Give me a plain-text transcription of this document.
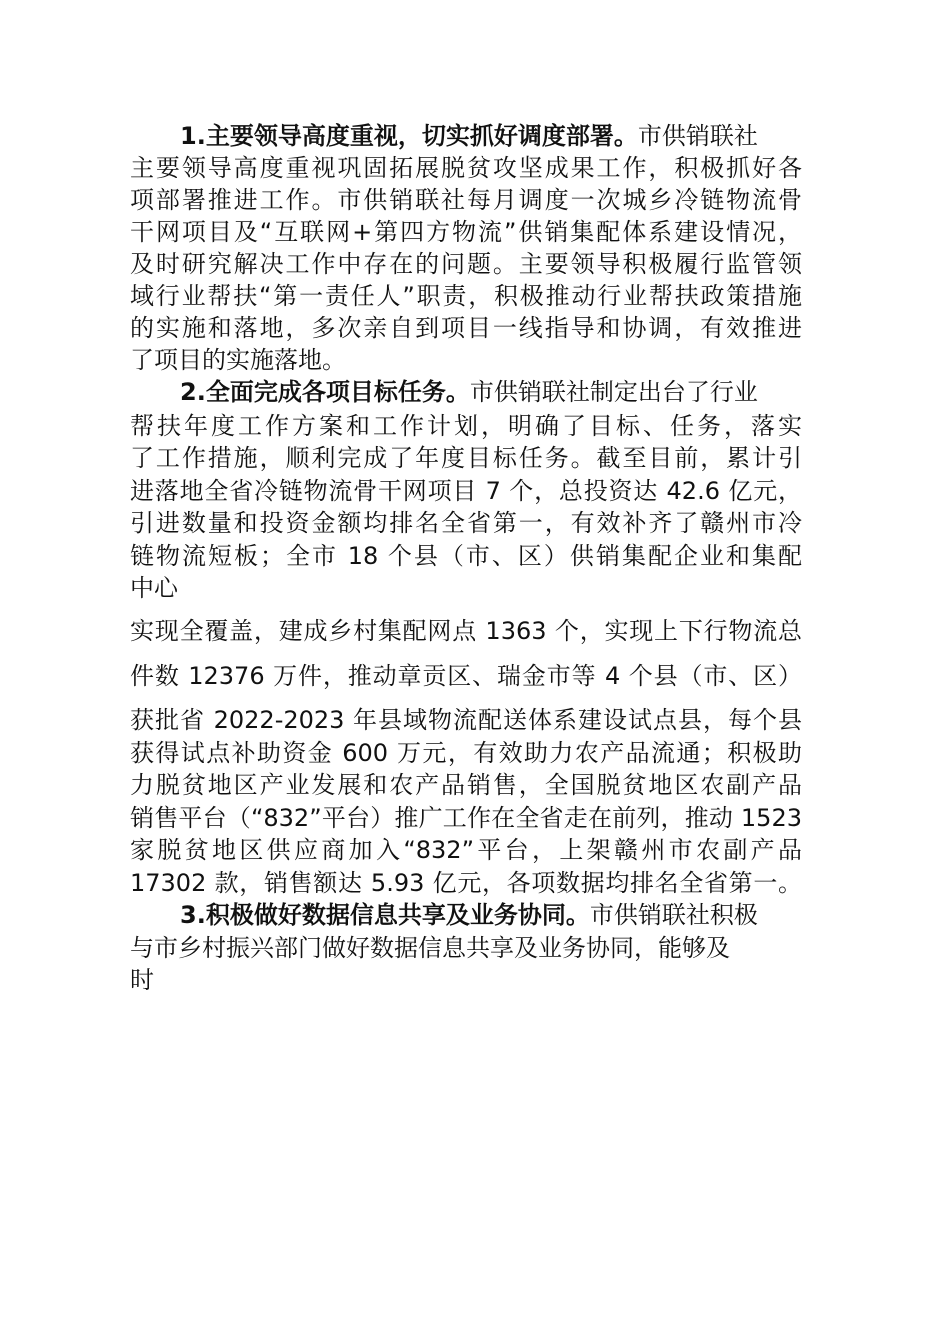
1.主要领导高度重视，切实抓好调度部署。市供销联社
主要领导高度重视巩固拓展脱贫攻坚成果工作，积极抓好各
项部署推进工作。市供销联社每月调度一次城乡冷链物流骨
干网项目及“互联网+第四方物流”供销集配体系建设情况，
及时研究解决工作中存在的问题。主要领导积极履行监管领
域行业帮扶“第一责任人”职责，积极推动行业帮扶政策措施
的实施和落地，多次亲自到项目一线指导和协调，有效推进
了项目的实施落地。
2.全面完成各项目标任务。市供销联社制定出台了行业
帮扶年度工作方案和工作计划，明确了目标、任务，落实
了工作措施，顺利完成了年度目标任务。截至目前，累计引
进落地全省冷链物流骨干网项目 7 个，总投资达 42.6 亿元，
引进数量和投资金额均排名全省第一，有效补齐了赣州市冷
链物流短板；全市 18 个县（市、区）供销集配企业和集配
中心
实现全覆盖，建成乡村集配网点 1363 个，实现上下行物流总
件数 12376 万件，推动章贡区、瑞金市等 4 个县（市、区）
获批省 2022-2023 年县域物流配送体系建设试点县，每个县
获得试点补助资金 600 万元，有效助力农产品流通；积极助
力脱贫地区产业发展和农产品销售，全国脱贫地区农副产品
销售平台（“832”平台）推广工作在全省走在前列，推动 1523
家脱贫地区供应商加入“832”平台，上架赣州市农副产品
17302 款，销售额达 5.93 亿元，各项数据均排名全省第一。
3.积极做好数据信息共享及业务协同。市供销联社积极
与市乡村振兴部门做好数据信息共享及业务协同，能够及
时
